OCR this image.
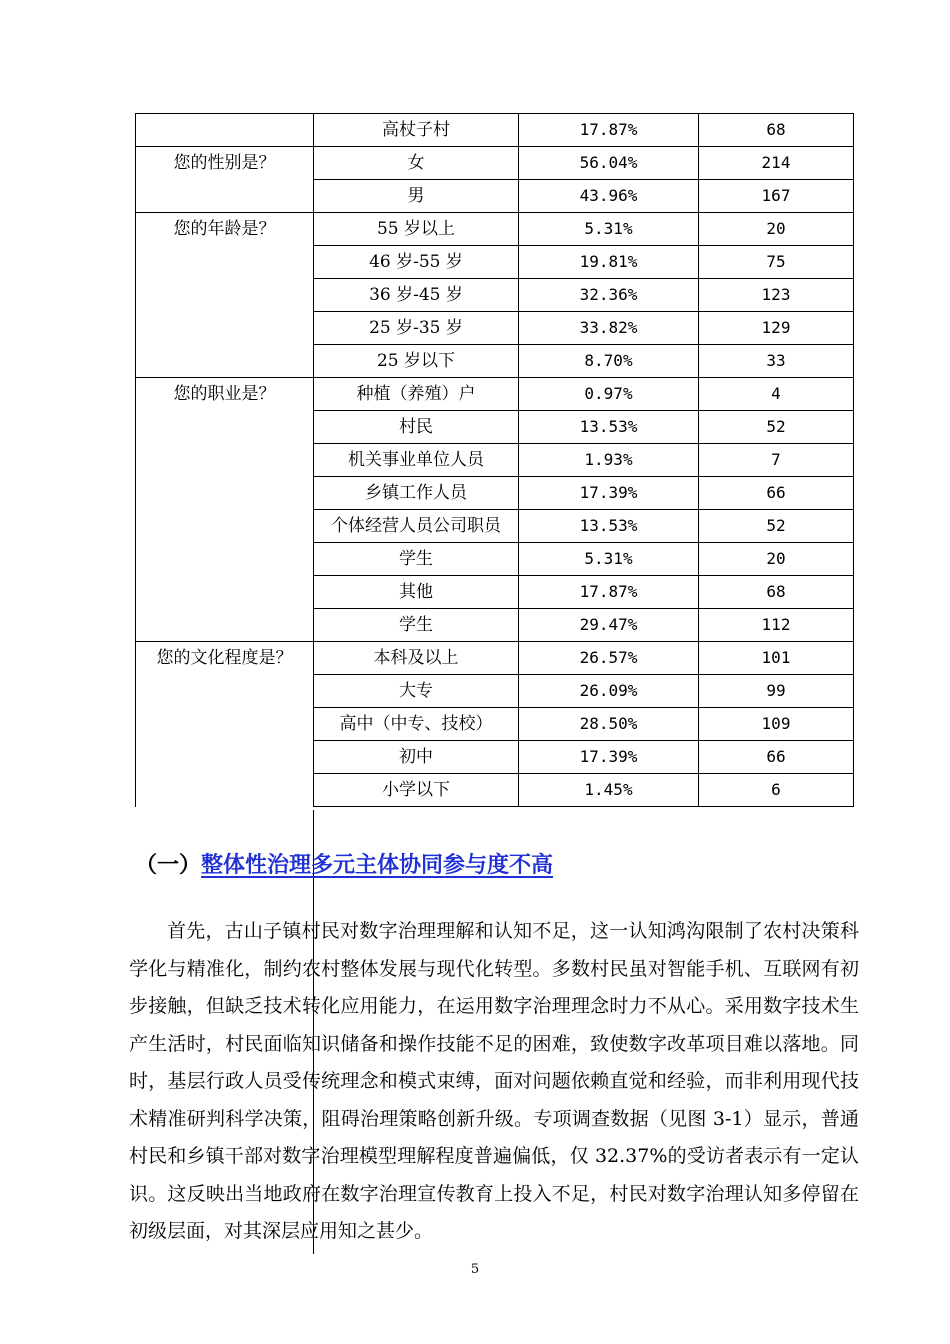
	高杖子村	17.87%	68
您的性别是？	女	56.04%	214
	男	43.96%	167
您的年龄是？	55 岁以上	5.31%	20
	46 岁-55 岁	19.81%	75
	36 岁-45 岁	32.36%	123
	25 岁-35 岁	33.82%	129
	25 岁以下	8.70%	33
您的职业是？	种植（养殖）户	0.97%	4
	村民	13.53%	52
	机关事业单位人员	1.93%	7
	乡镇工作人员	17.39%	66
	个体经营人员公司职员	13.53%	52
	学生	5.31%	20
	其他	17.87%	68
	学生	29.47%	112
您的文化程度是？	本科及以上	26.57%	101
	大专	26.09%	99
	高中（中专、技校）	28.50%	109
	初中	17.39%	66
	小学以下	1.45%	6
（一）整体性治理多元主体协同参与度不高

首先，古山子镇村民对数字治理理解和认知不足，这一认知鸿沟限制了农村决策科学化与精准化，制约农村整体发展与现代化转型。多数村民虽对智能手机、互联网有初步接触，但缺乏技术转化应用能力，在运用数字治理理念时力不从心。采用数字技术生产生活时，村民面临知识储备和操作技能不足的困难，致使数字改革项目难以落地。同时，基层行政人员受传统理念和模式束缚，面对问题依赖直觉和经验，而非利用现代技术精准研判科学决策，阻碍治理策略创新升级。专项调查数据（见图 3-1）显示，普通村民和乡镇干部对数字治理模型理解程度普遍偏低，仅 32.37%的受访者表示有一定认识。这反映出当地政府在数字治理宣传教育上投入不足，村民对数字治理认知多停留在初级层面，对其深层应用知之甚少。

5
